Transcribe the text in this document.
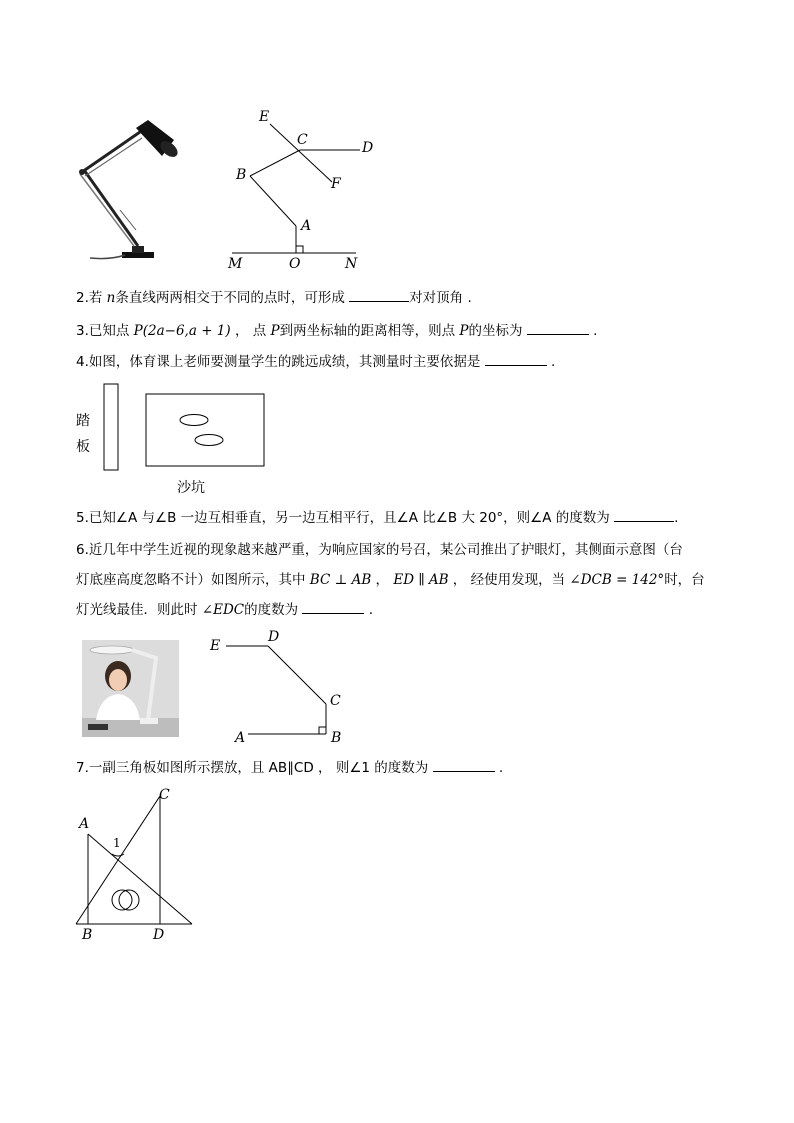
E
C	D
B
F
A
M	O	N
2.若 n条直线两两相交于不同的点时，可形成	对对顶角 .
3.已知点 P(2a−6,a + 1) ， 点 P到两坐标轴的距离相等，则点 P的坐标为	.
4.如图，体育课上老师要测量学生的跳远成绩，其测量时主要依据是	.
踏
板
沙坑
5.已知∠A 与∠B 一边互相垂直，另一边互相平行，且∠A 比∠B 大 20°，则∠A 的度数为	.
6.近几年中学生近视的现象越来越严重，为响应国家的号召，某公司推出了护眼灯，其侧面示意图（台
灯底座高度忽略不计）如图所示，其中 BC ⊥ AB ， ED ∥ AB ， 经使用发现，当 ∠DCB = 142°时，台
灯光线最佳．则此时 ∠EDC的度数为	.
E
D
C
A	B
7.一副三角板如图所示摆放，且 AB∥CD ， 则∠1 的度数为	.
A
C
1
B	D
